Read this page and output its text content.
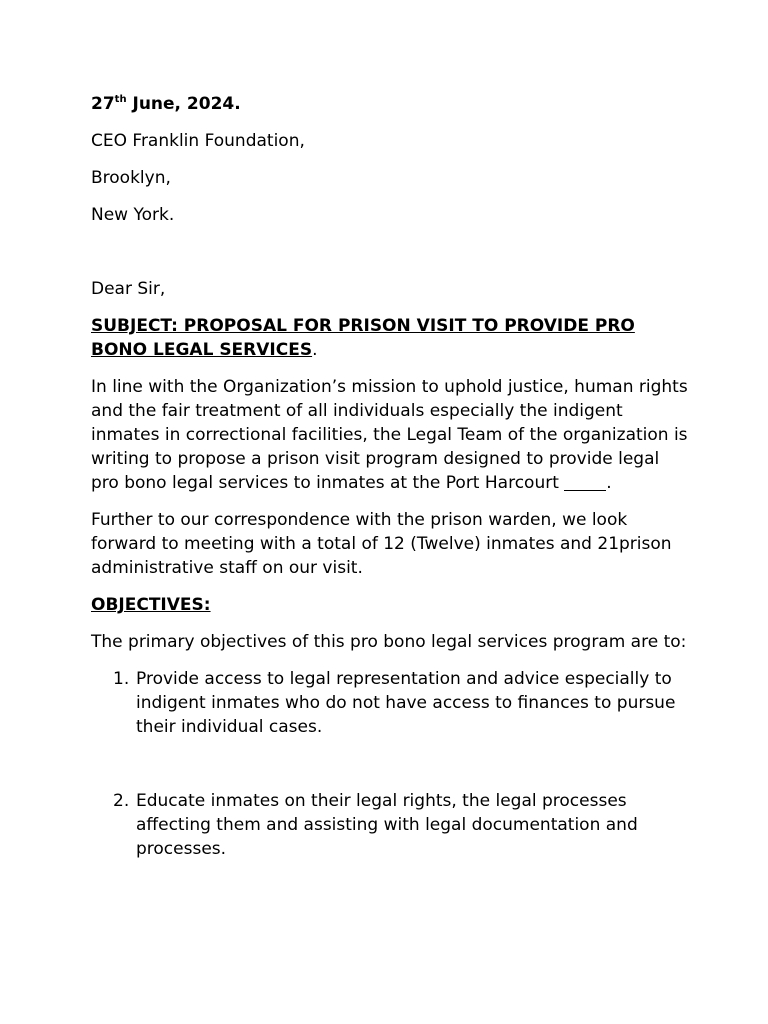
27th June, 2024.

CEO Franklin Foundation,

Brooklyn,

New York.

Dear Sir,

SUBJECT: PROPOSAL FOR PRISON VISIT TO PROVIDE PRO BONO LEGAL SERVICES.

In line with the Organization’s mission to uphold justice, human rights and the fair treatment of all individuals especially the indigent inmates in correctional facilities, the Legal Team of the organization is writing to propose a prison visit program designed to provide legal pro bono legal services to inmates at the Port Harcourt .

Further to our correspondence with the prison warden, we look forward to meeting with a total of 12 (Twelve) inmates and 21prison administrative staff on our visit.

OBJECTIVES:

The primary objectives of this pro bono legal services program are to:

1. Provide access to legal representation and advice especially to indigent inmates who do not have access to finances to pursue their individual cases.
2. Educate inmates on their legal rights, the legal processes affecting them and assisting with legal documentation and processes.
